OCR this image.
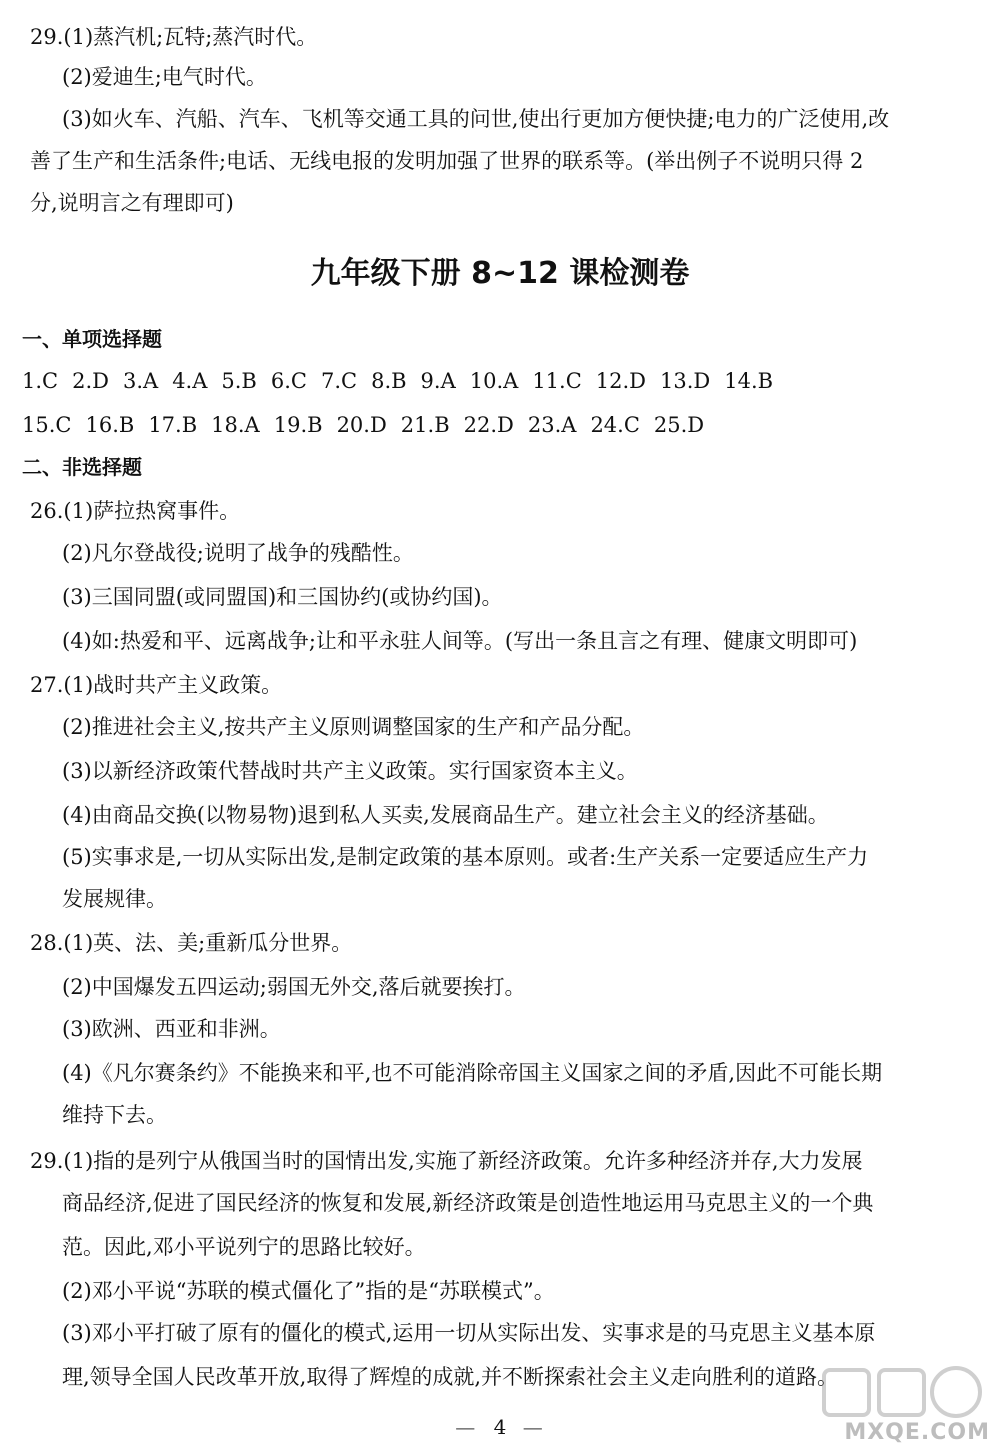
29.(1)蒸汽机;瓦特;蒸汽时代。
(2)爱迪生;电气时代。
(3)如火车、汽船、汽车、飞机等交通工具的问世,使出行更加方便快捷;电力的广泛使用,改
善了生产和生活条件;电话、无线电报的发明加强了世界的联系等。(举出例子不说明只得 2
分,说明言之有理即可)
九年级下册 8~12 课检测卷
一、单项选择题
1.C 2.D 3.A 4.A 5.B 6.C 7.C 8.B 9.A 10.A 11.C 12.D 13.D 14.B
15.C 16.B 17.B 18.A 19.B 20.D 21.B 22.D 23.A 24.C 25.D
二、非选择题
26.(1)萨拉热窝事件。
(2)凡尔登战役;说明了战争的残酷性。
(3)三国同盟(或同盟国)和三国协约(或协约国)。
(4)如:热爱和平、远离战争;让和平永驻人间等。(写出一条且言之有理、健康文明即可)
27.(1)战时共产主义政策。
(2)推进社会主义,按共产主义原则调整国家的生产和产品分配。
(3)以新经济政策代替战时共产主义政策。实行国家资本主义。
(4)由商品交换(以物易物)退到私人买卖,发展商品生产。建立社会主义的经济基础。
(5)实事求是,一切从实际出发,是制定政策的基本原则。或者:生产关系一定要适应生产力
发展规律。
28.(1)英、法、美;重新瓜分世界。
(2)中国爆发五四运动;弱国无外交,落后就要挨打。
(3)欧洲、西亚和非洲。
(4)《凡尔赛条约》不能换来和平,也不可能消除帝国主义国家之间的矛盾,因此不可能长期
维持下去。
29.(1)指的是列宁从俄国当时的国情出发,实施了新经济政策。允许多种经济并存,大力发展
商品经济,促进了国民经济的恢复和发展,新经济政策是创造性地运用马克思主义的一个典
范。因此,邓小平说列宁的思路比较好。
(2)邓小平说“苏联的模式僵化了”指的是“苏联模式”。
(3)邓小平打破了原有的僵化的模式,运用一切从实际出发、实事求是的马克思主义基本原
理,领导全国人民改革开放,取得了辉煌的成就,并不断探索社会主义走向胜利的道路。
— 4 —	MXQE.COM
